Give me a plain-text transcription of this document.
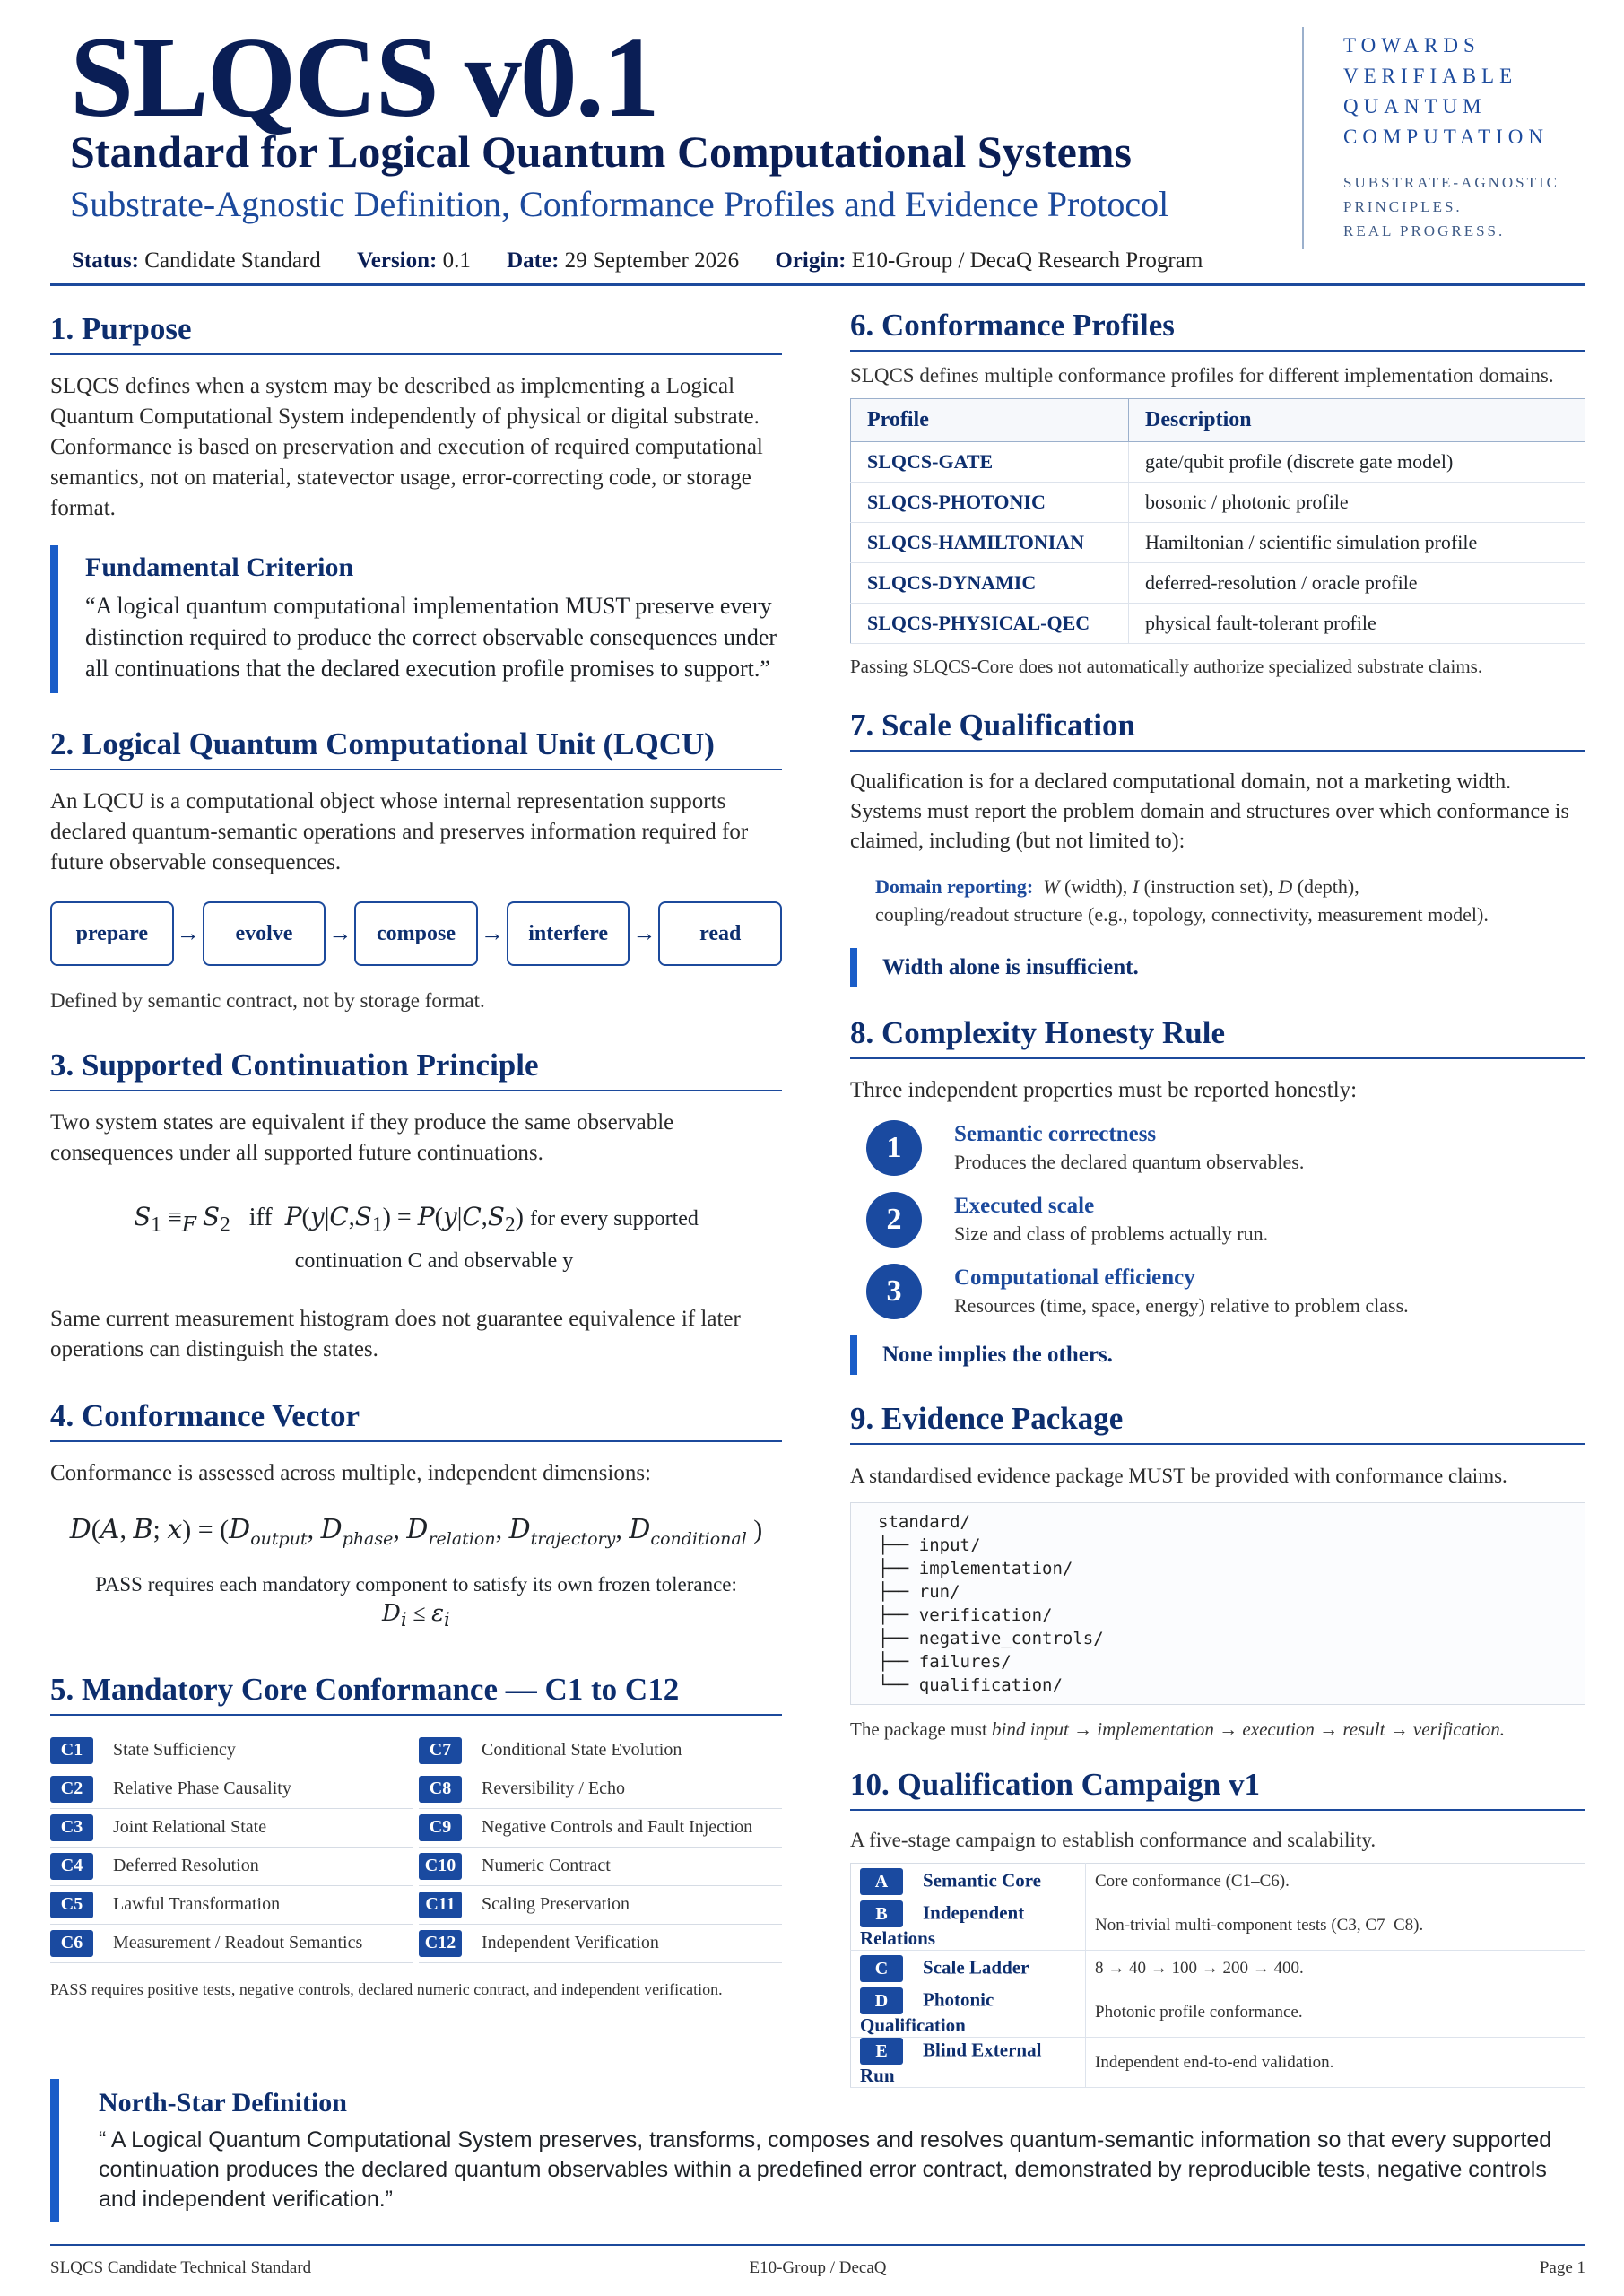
SLQCS v0.1
Standard for Logical Quantum Computational Systems
Substrate-Agnostic Definition, Conformance Profiles and Evidence Protocol
Status: Candidate Standard Version: 0.1 Date: 29 September 2026 Origin: E10-Group / DecaQ Research Program
TOWARDS
VERIFIABLE
QUANTUM
COMPUTATION
SUBSTRATE-AGNOSTIC
PRINCIPLES.
REAL PROGRESS.
1. Purpose
SLQCS defines when a system may be described as implementing a Logical Quantum Computational System independently of physical or digital substrate. Conformance is based on preservation and execution of required computational semantics, not on material, statevector usage, error-correcting code, or storage format.
Fundamental Criterion
“A logical quantum computational implementation MUST preserve every distinction required to produce the correct observable consequences under all continuations that the declared execution profile promises to support.”
2. Logical Quantum Computational Unit (LQCU)
An LQCU is a computational object whose internal representation supports declared quantum-semantic operations and preserves information required for future observable consequences.
prepare	→	evolve	→	compose	→	interfere	→	read
Defined by semantic contract, not by storage format.
3. Supported Continuation Principle
Two system states are equivalent if they produce the same observable consequences under all supported future continuations.
$S_1 \equiv_F$ $S_2$   iff  $P(y|C,S_1) = P(y|C,S_2)$ for every supported
continuation C and observable y
Same current measurement histogram does not guarantee equivalence if later operations can distinguish the states.
4. Conformance Vector
Conformance is assessed across multiple, independent dimensions:
D(A, B; $x) = (D_{output}$, $D_{phase}$, $D_{relation}$, $D_{trajectory}$, $D_{conditional}$ )
PASS requires each mandatory component to satisfy its own frozen tolerance:
$D_i \le \varepsilon_i$
5. Mandatory Core Conformance — C1 to C12
C1	State Sufficiency	C7	Conditional State Evolution
C2	Relative Phase Causality	C8	Reversibility / Echo
C3	Joint Relational State	C9	Negative Controls and Fault Injection
C4	Deferred Resolution	C10	Numeric Contract
C5	Lawful Transformation	C11	Scaling Preservation
C6	Measurement / Readout Semantics	C12	Independent Verification
PASS requires positive tests, negative controls, declared numeric contract, and independent verification.
6. Conformance Profiles
SLQCS defines multiple conformance profiles for different implementation domains.
Profile	Description
SLQCS-GATE	gate/qubit profile (discrete gate model)
SLQCS-PHOTONIC	bosonic / photonic profile
SLQCS-HAMILTONIAN	Hamiltonian / scientific simulation profile
SLQCS-DYNAMIC	deferred-resolution / oracle profile
SLQCS-PHYSICAL-QEC	physical fault-tolerant profile
Passing SLQCS-Core does not automatically authorize specialized substrate claims.
7. Scale Qualification
Qualification is for a declared computational domain, not a marketing width. Systems must report the problem domain and structures over which conformance is claimed, including (but not limited to):
Domain reporting: W (width), I (instruction set), D (depth),
coupling/readout structure (e.g., topology, connectivity, measurement model).
Width alone is insufficient.
8. Complexity Honesty Rule
Three independent properties must be reported honestly:
1	Semantic correctness
Produces the declared quantum observables.
2	Executed scale
Size and class of problems actually run.
3	Computational efficiency
Resources (time, space, energy) relative to problem class.
None implies the others.
9. Evidence Package
A standardised evidence package MUST be provided with conformance claims.
standard/
├── input/
├── implementation/
├── run/
├── verification/
├── negative_controls/
├── failures/
└── qualification/
The package must bind input → implementation → execution → result → verification.
10. Qualification Campaign v1
A five-stage campaign to establish conformance and scalability.
A Semantic Core	Core conformance (C1–C6).
B Independent Relations	Non-trivial multi-component tests (C3, C7–C8).
C Scale Ladder	8 → 40 → 100 → 200 → 400.
D Photonic Qualification	Photonic profile conformance.
E Blind External Run	Independent end-to-end validation.
North-Star Definition
“ A Logical Quantum Computational System preserves, transforms, composes and resolves quantum-semantic information so that every supported continuation produces the declared quantum observables within a predefined error contract, demonstrated by reproducible tests, negative controls and independent verification.”
SLQCS Candidate Technical Standard	E10-Group / DecaQ	Page 1
